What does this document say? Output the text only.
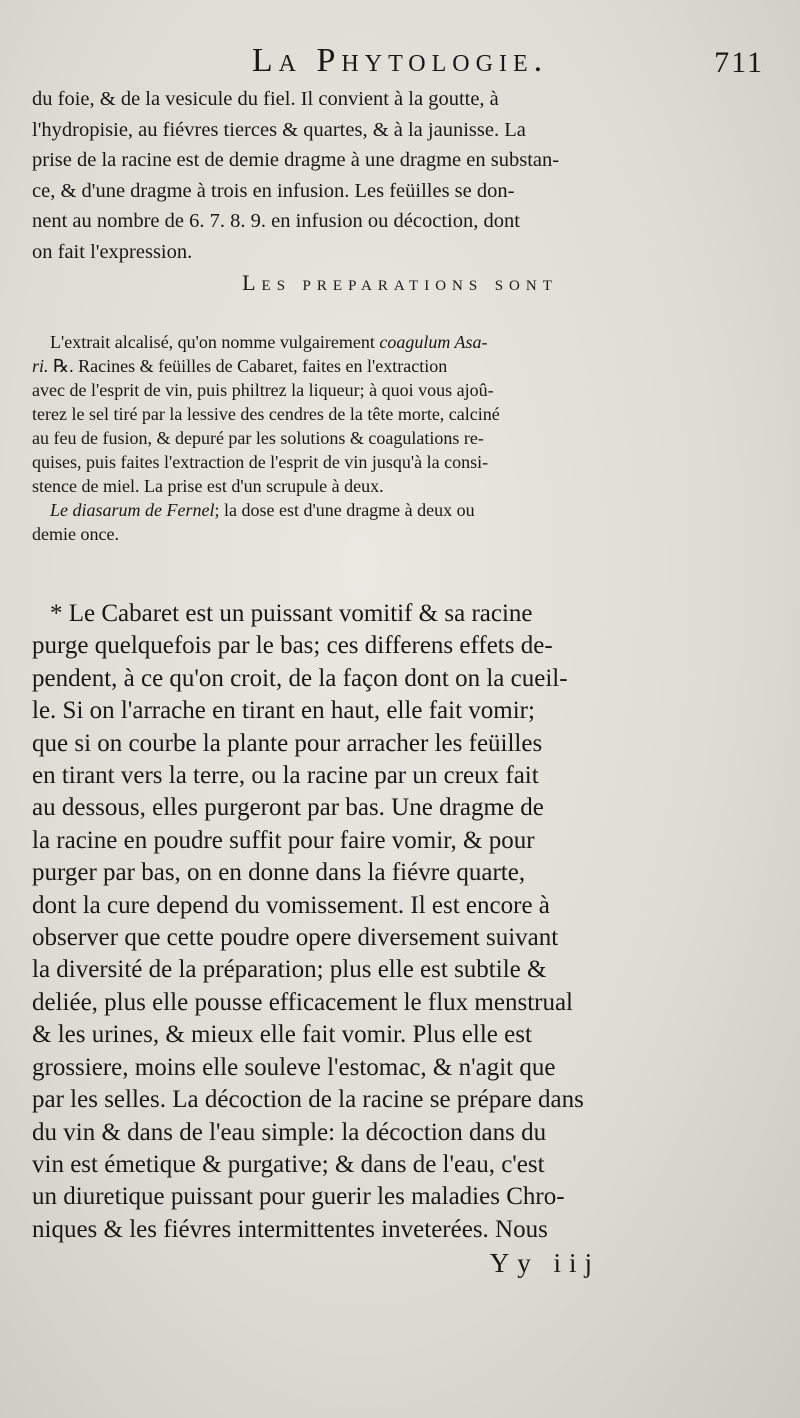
La Phytologie.	711
du foie, & de la vesicule du fiel. Il convient à la goutte, à
l'hydropisie, au fiévres tierces & quartes, & à la jaunisse. La
prise de la racine est de demie dragme à une dragme en substan-
ce, & d'une dragme à trois en infusion. Les feüilles se don-
nent au nombre de 6. 7. 8. 9. en infusion ou décoction, dont
on fait l'expression.
Les preparations sont
L'extrait alcalisé, qu'on nomme vulgairement coagulum Asa-
ri. ℞. Racines & feüilles de Cabaret, faites en l'extraction
avec de l'esprit de vin, puis philtrez la liqueur; à quoi vous ajoû-
terez le sel tiré par la lessive des cendres de la tête morte, calciné
au feu de fusion, & depuré par les solutions & coagulations re-
quises, puis faites l'extraction de l'esprit de vin jusqu'à la consi-
stence de miel. La prise est d'un scrupule à deux.
Le diasarum de Fernel; la dose est d'une dragme à deux ou
demie once.
* Le Cabaret est un puissant vomitif & sa racine
purge quelquefois par le bas; ces differens effets de-
pendent, à ce qu'on croit, de la façon dont on la cueil-
le. Si on l'arrache en tirant en haut, elle fait vomir;
que si on courbe la plante pour arracher les feüilles
en tirant vers la terre, ou la racine par un creux fait
au dessous, elles purgeront par bas. Une dragme de
la racine en poudre suffit pour faire vomir, & pour
purger par bas, on en donne dans la fiévre quarte,
dont la cure depend du vomissement. Il est encore à
observer que cette poudre opere diversement suivant
la diversité de la préparation; plus elle est subtile &
deliée, plus elle pousse efficacement le flux menstrual
& les urines, & mieux elle fait vomir. Plus elle est
grossiere, moins elle souleve l'estomac, & n'agit que
par les selles. La décoction de la racine se prépare dans
du vin & dans de l'eau simple: la décoction dans du
vin est émetique & purgative; & dans de l'eau, c'est
un diuretique puissant pour guerir les maladies Chro-
niques & les fiévres intermittentes inveterées. Nous
Yy iij
